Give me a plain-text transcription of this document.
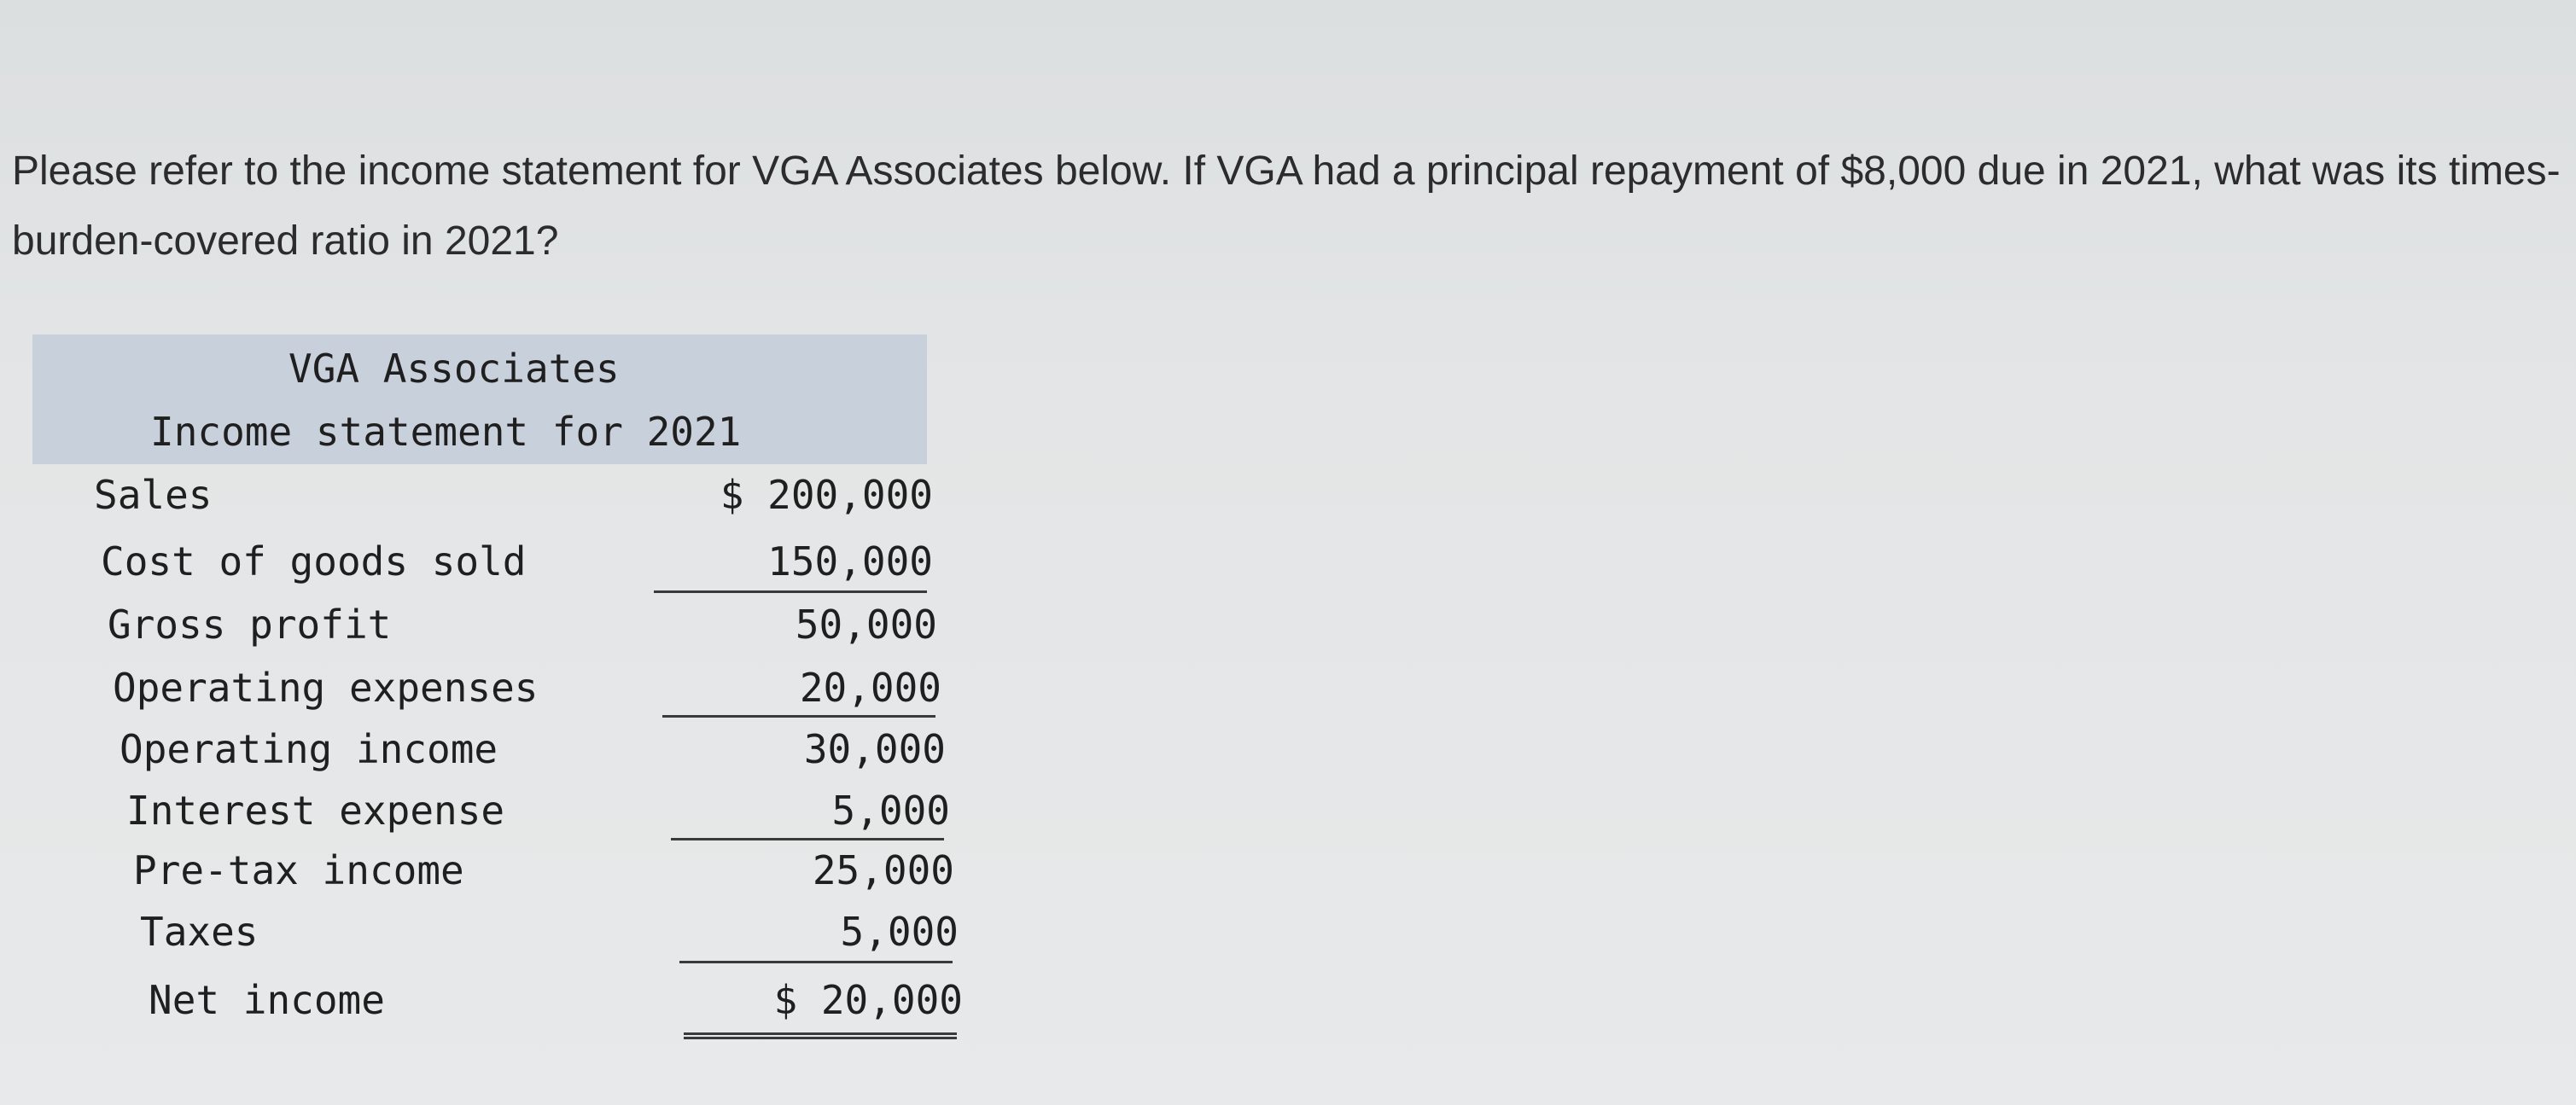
Please refer to the income statement for VGA Associates below. If VGA had a principal repayment of $8,000 due in 2021, what was its times-burden-covered ratio in 2021?

VGA Associates
Income statement for 2021
Sales	$ 200,000
Cost of goods sold	150,000
Gross profit	50,000
Operating expenses	20,000
Operating income	30,000
Interest expense	5,000
Pre-tax income	25,000
Taxes	5,000
Net income	$ 20,000
